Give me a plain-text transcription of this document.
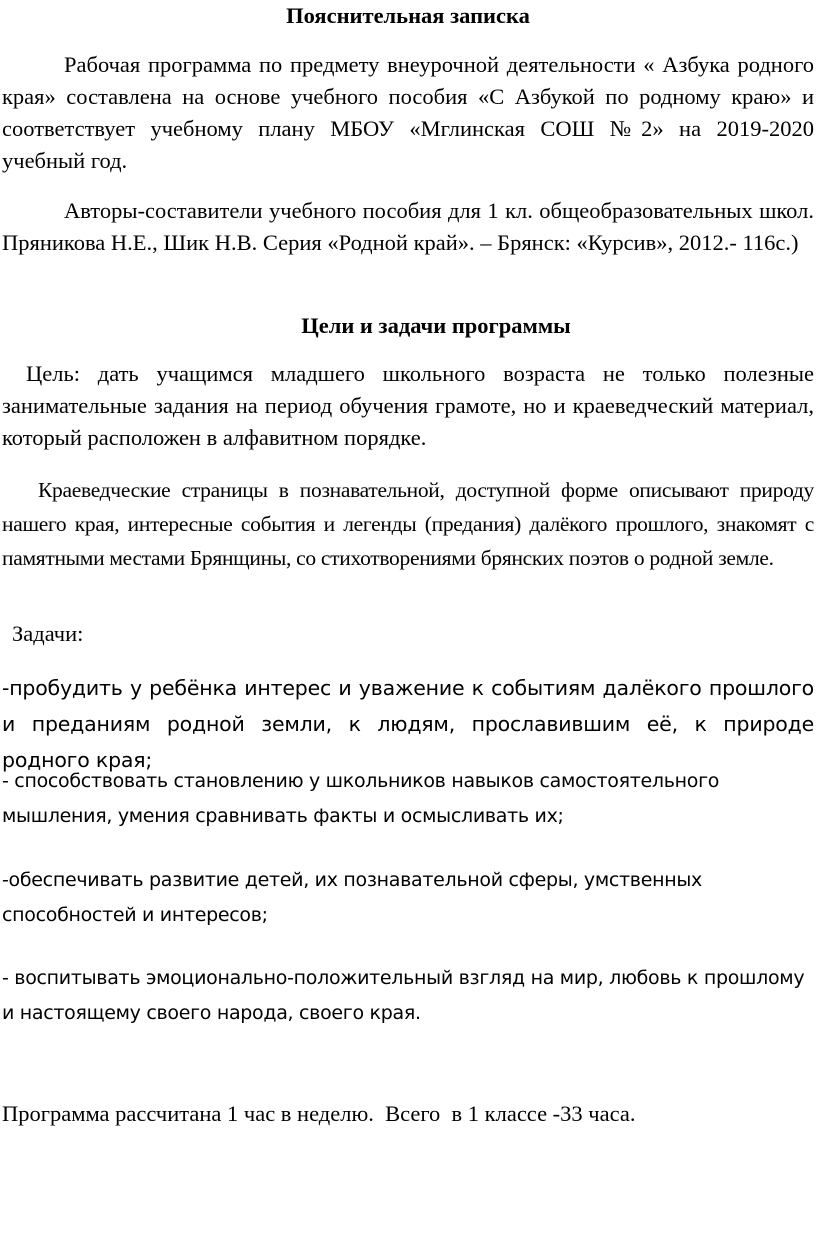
Пояснительная записка

Рабочая программа по предмету внеурочной деятельности « Азбука родного края» составлена на основе учебного пособия «С Азбукой по родному краю» и соответствует учебному плану МБОУ «Мглинская СОШ №2» на 2019-2020 учебный год.

Авторы-составители учебного пособия для 1 кл. общеобразовательных школ. Пряникова Н.Е., Шик Н.В. Серия «Родной край». – Брянск: «Курсив», 2012.- 116с.)

Цели и задачи программы

Цель: дать учащимся младшего школьного возраста не только полезные занимательные задания на период обучения грамоте, но и краеведческий материал, который расположен в алфавитном порядке.

Краеведческие страницы в познавательной, доступной форме описывают природу нашего края, интересные события и легенды (предания) далёкого прошлого, знакомят с памятными местами Брянщины, со стихотворениями брянских поэтов о родной земле.

Задачи:

-пробудить у ребёнка интерес и уважение к событиям далёкого прошлого и преданиям родной земли, к людям, прославившим её, к природе родного края;

- способствовать становлению у школьников навыков самостоятельного мышления, умения сравнивать факты и осмысливать их;

-обеспечивать развитие детей, их познавательной сферы, умственных способностей и интересов;

- воспитывать эмоционально-положительный взгляд на мир, любовь к прошлому и настоящему своего народа, своего края.

Программа рассчитана 1 час в неделю.  Всего  в 1 классе -33 часа.
